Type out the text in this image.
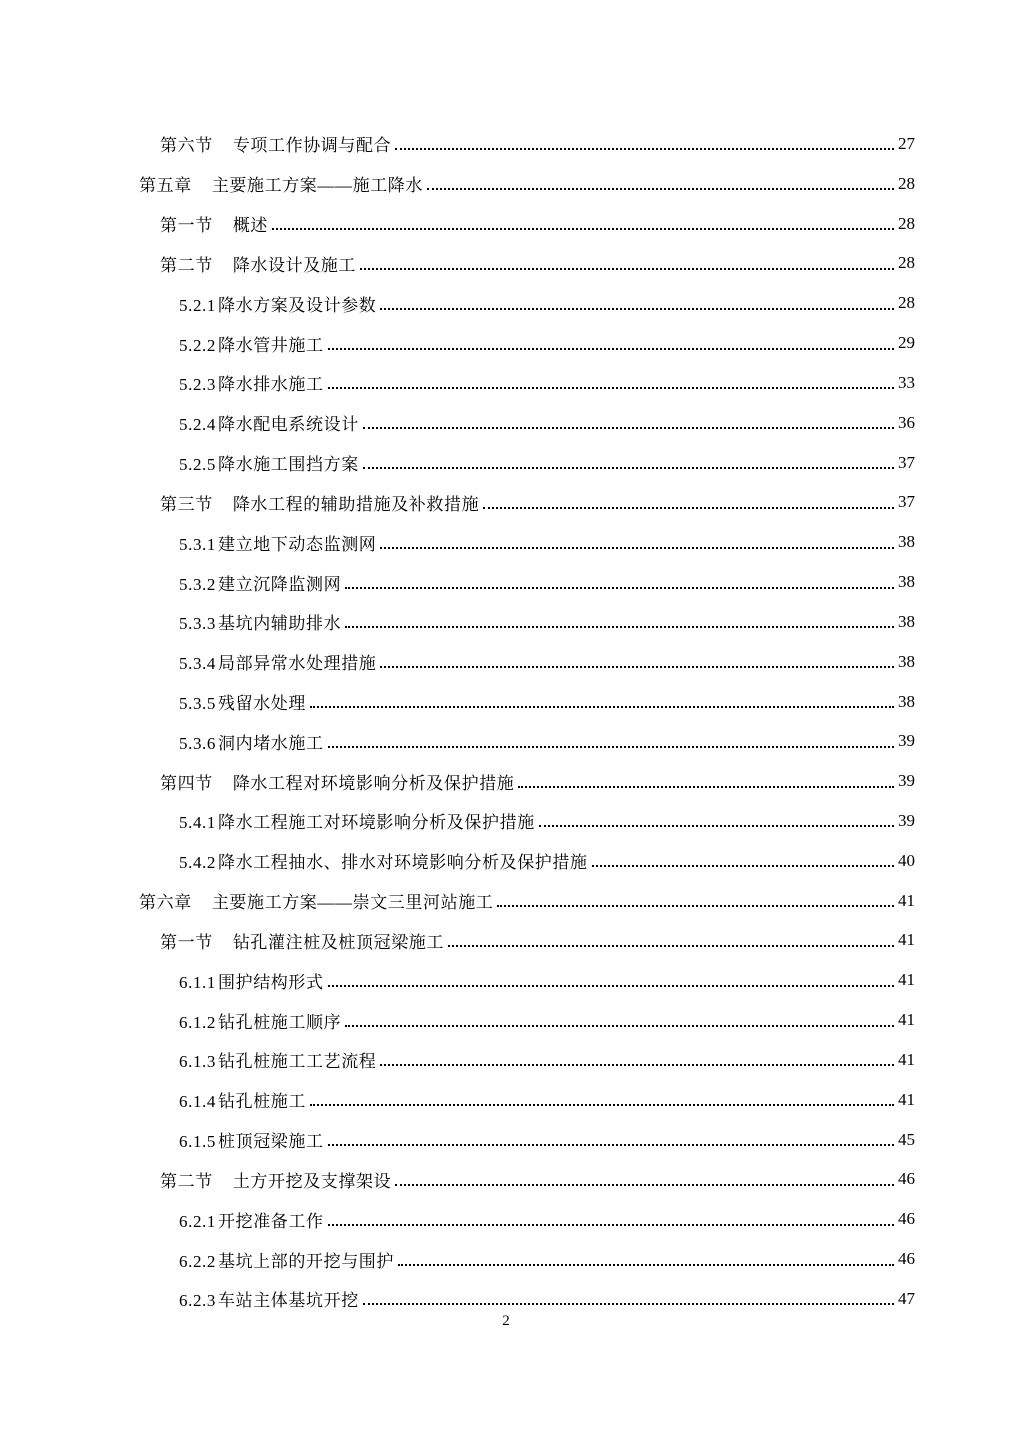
第六节 专项工作协调与配合	27
第五章 主要施工方案——施工降水	28
第一节 概述	28
第二节 降水设计及施工	28
5.2.1 降水方案及设计参数	28
5.2.2 降水管井施工	29
5.2.3 降水排水施工	33
5.2.4 降水配电系统设计	36
5.2.5 降水施工围挡方案	37
第三节 降水工程的辅助措施及补救措施	37
5.3.1 建立地下动态监测网	38
5.3.2 建立沉降监测网	38
5.3.3 基坑内辅助排水	38
5.3.4 局部异常水处理措施	38
5.3.5 残留水处理	38
5.3.6 洞内堵水施工	39
第四节 降水工程对环境影响分析及保护措施	39
5.4.1 降水工程施工对环境影响分析及保护措施	39
5.4.2 降水工程抽水、排水对环境影响分析及保护措施	40
第六章 主要施工方案——崇文三里河站施工	41
第一节 钻孔灌注桩及桩顶冠梁施工	41
6.1.1 围护结构形式	41
6.1.2 钻孔桩施工顺序	41
6.1.3 钻孔桩施工工艺流程	41
6.1.4 钻孔桩施工	41
6.1.5 桩顶冠梁施工	45
第二节 土方开挖及支撑架设	46
6.2.1 开挖准备工作	46
6.2.2 基坑上部的开挖与围护	46
6.2.3 车站主体基坑开挖	47
2
